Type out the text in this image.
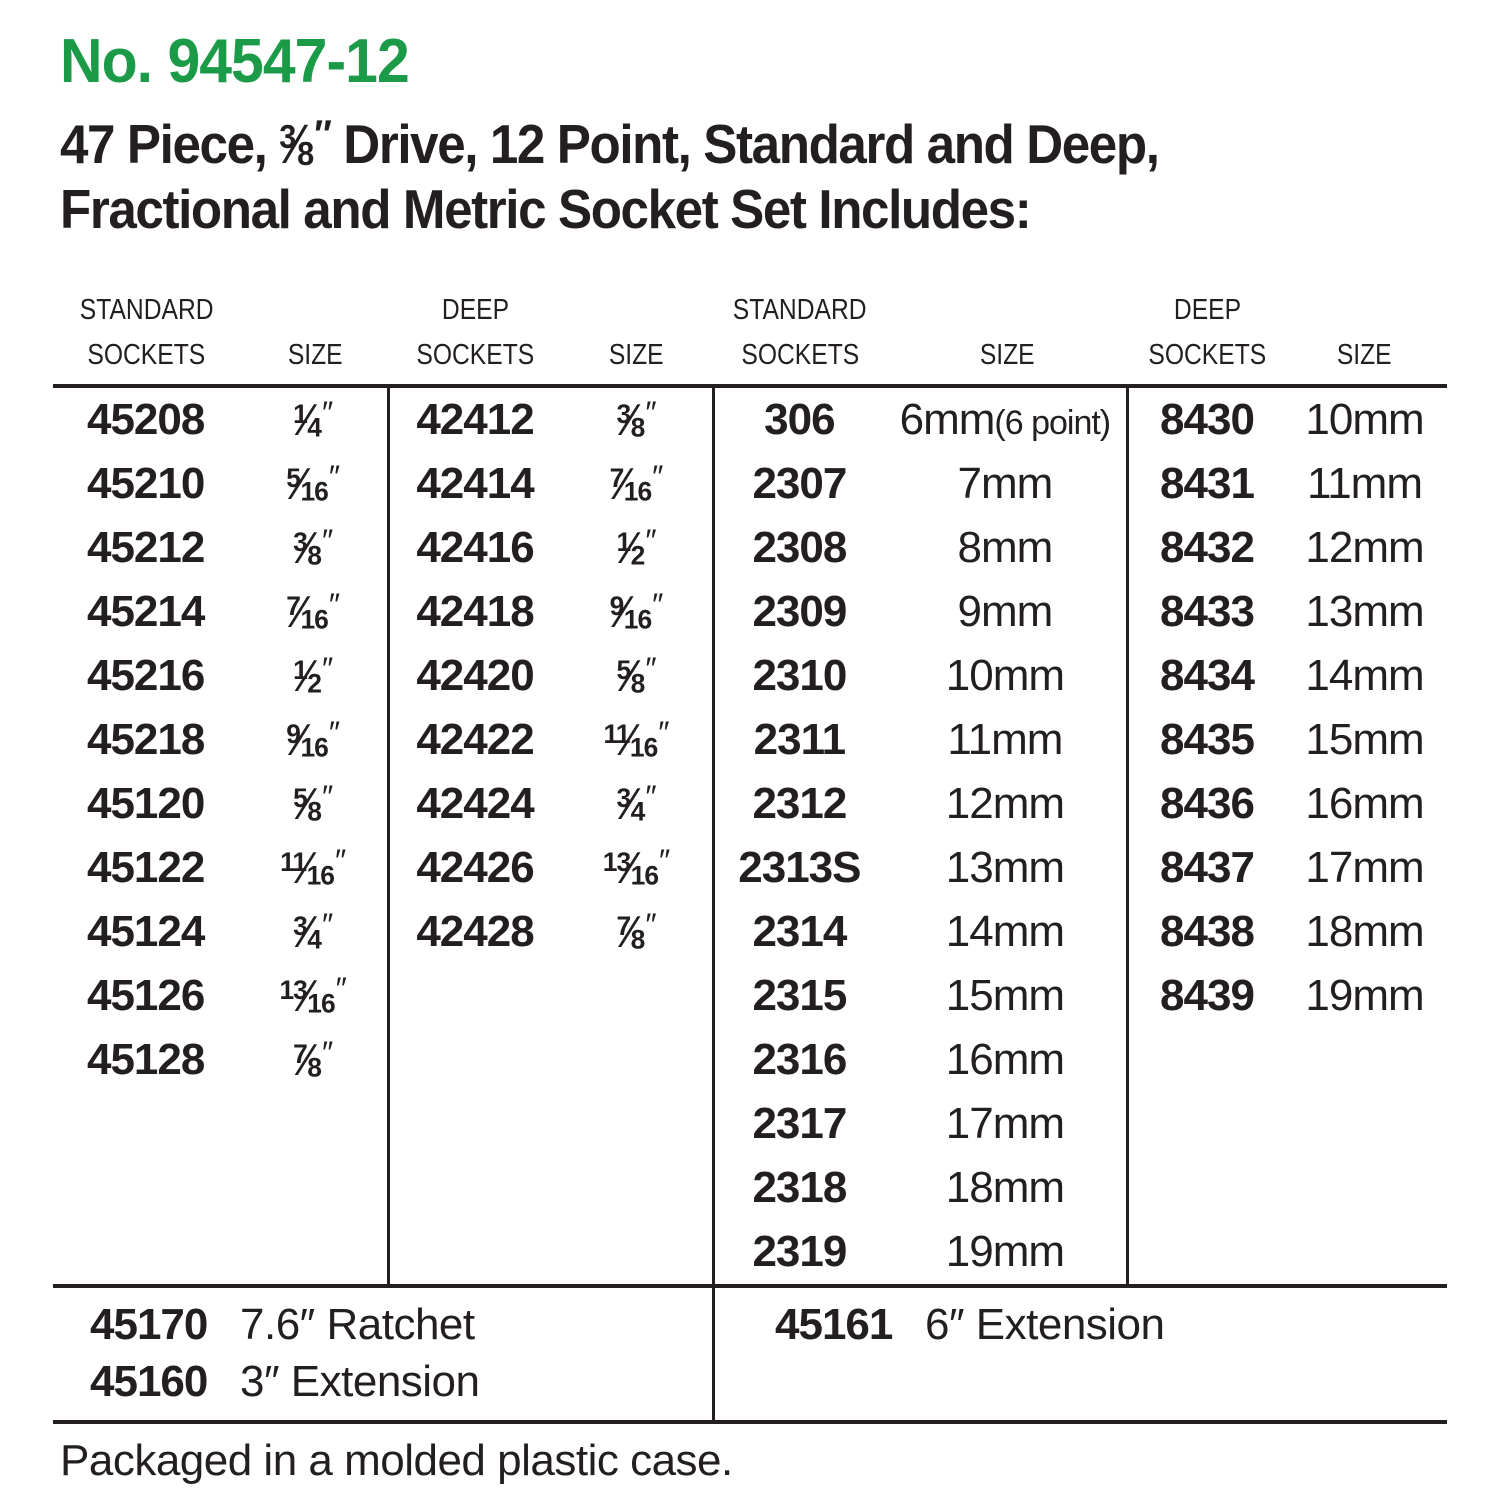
No. 94547-12
47 Piece, $^3$⁄8″ Drive, 12 Point, Standard and Deep,
Fractional and Metric Socket Set Includes:
STANDARD
SOCKETS	SIZE
DEEP
SOCKETS	SIZE
STANDARD
SOCKETS	SIZE
DEEP
SOCKETS SIZE
45208	$^1$⁄4″
45210	$^5$⁄16″
45212	$^3$⁄8″
45214	$^7$⁄16″
45216	$^1$⁄2″
45218	$^9$⁄16″
45120	$^5$⁄8″
45122	$^{11}$⁄16″
45124	$^3$⁄4″
45126	$^{13}$⁄16″
45128	$^7$⁄8″
42412	$^3$⁄8″
42414	$^7$⁄16″
42416	$^1$⁄2″
42418	$^9$⁄16″
42420	$^5$⁄8″
42422	$^{11}$⁄16″
42424	$^3$⁄4″
42426	$^{13}$⁄16″
42428	$^7$⁄8″
306	6mm(6 point)
2307	7mm
2308	8mm
2309	9mm
2310	10mm
2311	11mm
2312	12mm
2313S	13mm
2314	14mm
2315	15mm
2316	16mm
2317	17mm
2318	18mm
2319	19mm
8430	10mm
8431	11mm
8432	12mm
8433	13mm
8434	14mm
8435	15mm
8436	16mm
8437	17mm
8438	18mm
8439	19mm
45170 7.6″ Ratchet
45160 3″ Extension
45161 6″ Extension
Packaged in a molded plastic case.
